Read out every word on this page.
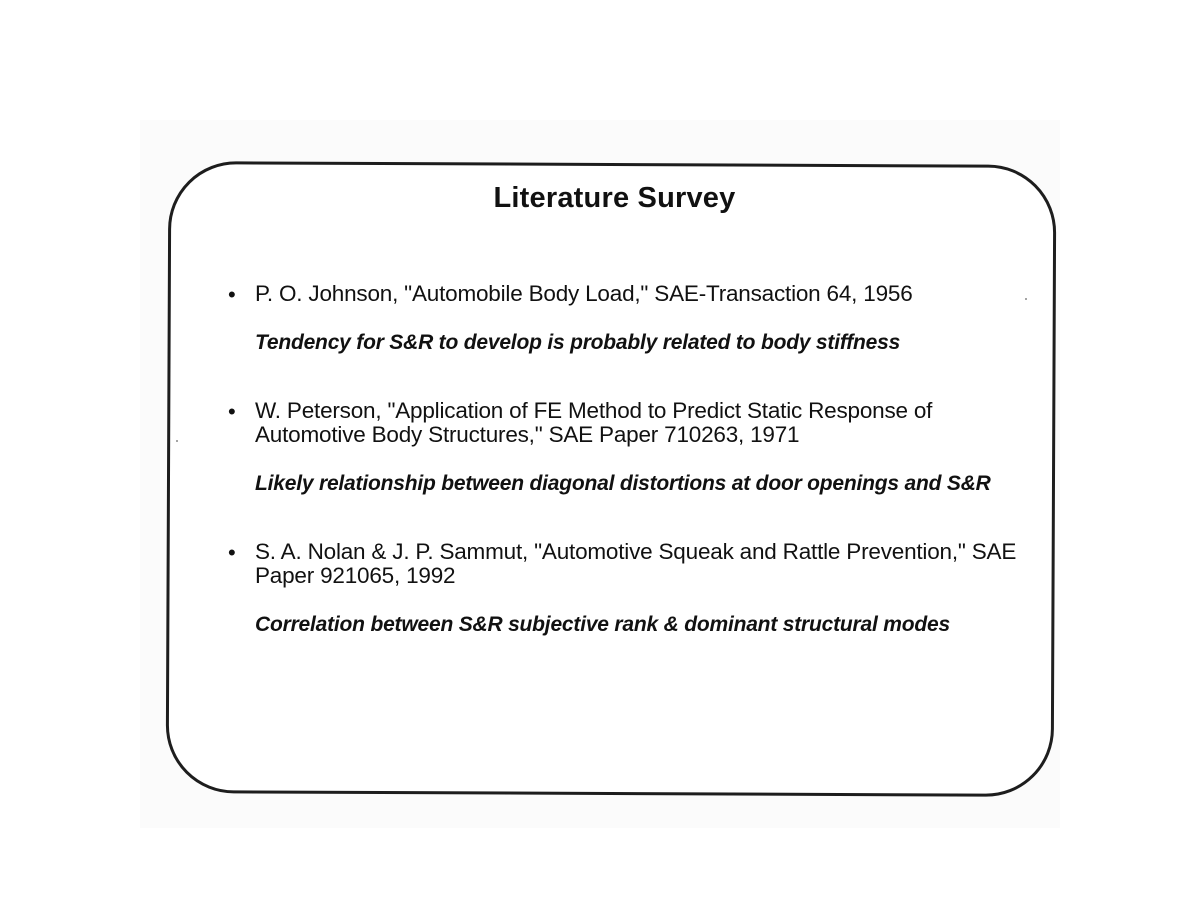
Literature Survey
• P. O. Johnson, "Automobile Body Load," SAE-Transaction 64, 1956
Tendency for S&R to develop is probably related to body stiffness
• W. Peterson, "Application of FE Method to Predict Static Response of Automotive Body Structures," SAE Paper 710263, 1971
Likely relationship between diagonal distortions at door openings and S&R
• S. A. Nolan & J. P. Sammut, "Automotive Squeak and Rattle Prevention," SAE Paper 921065, 1992
Correlation between S&R subjective rank & dominant structural modes
